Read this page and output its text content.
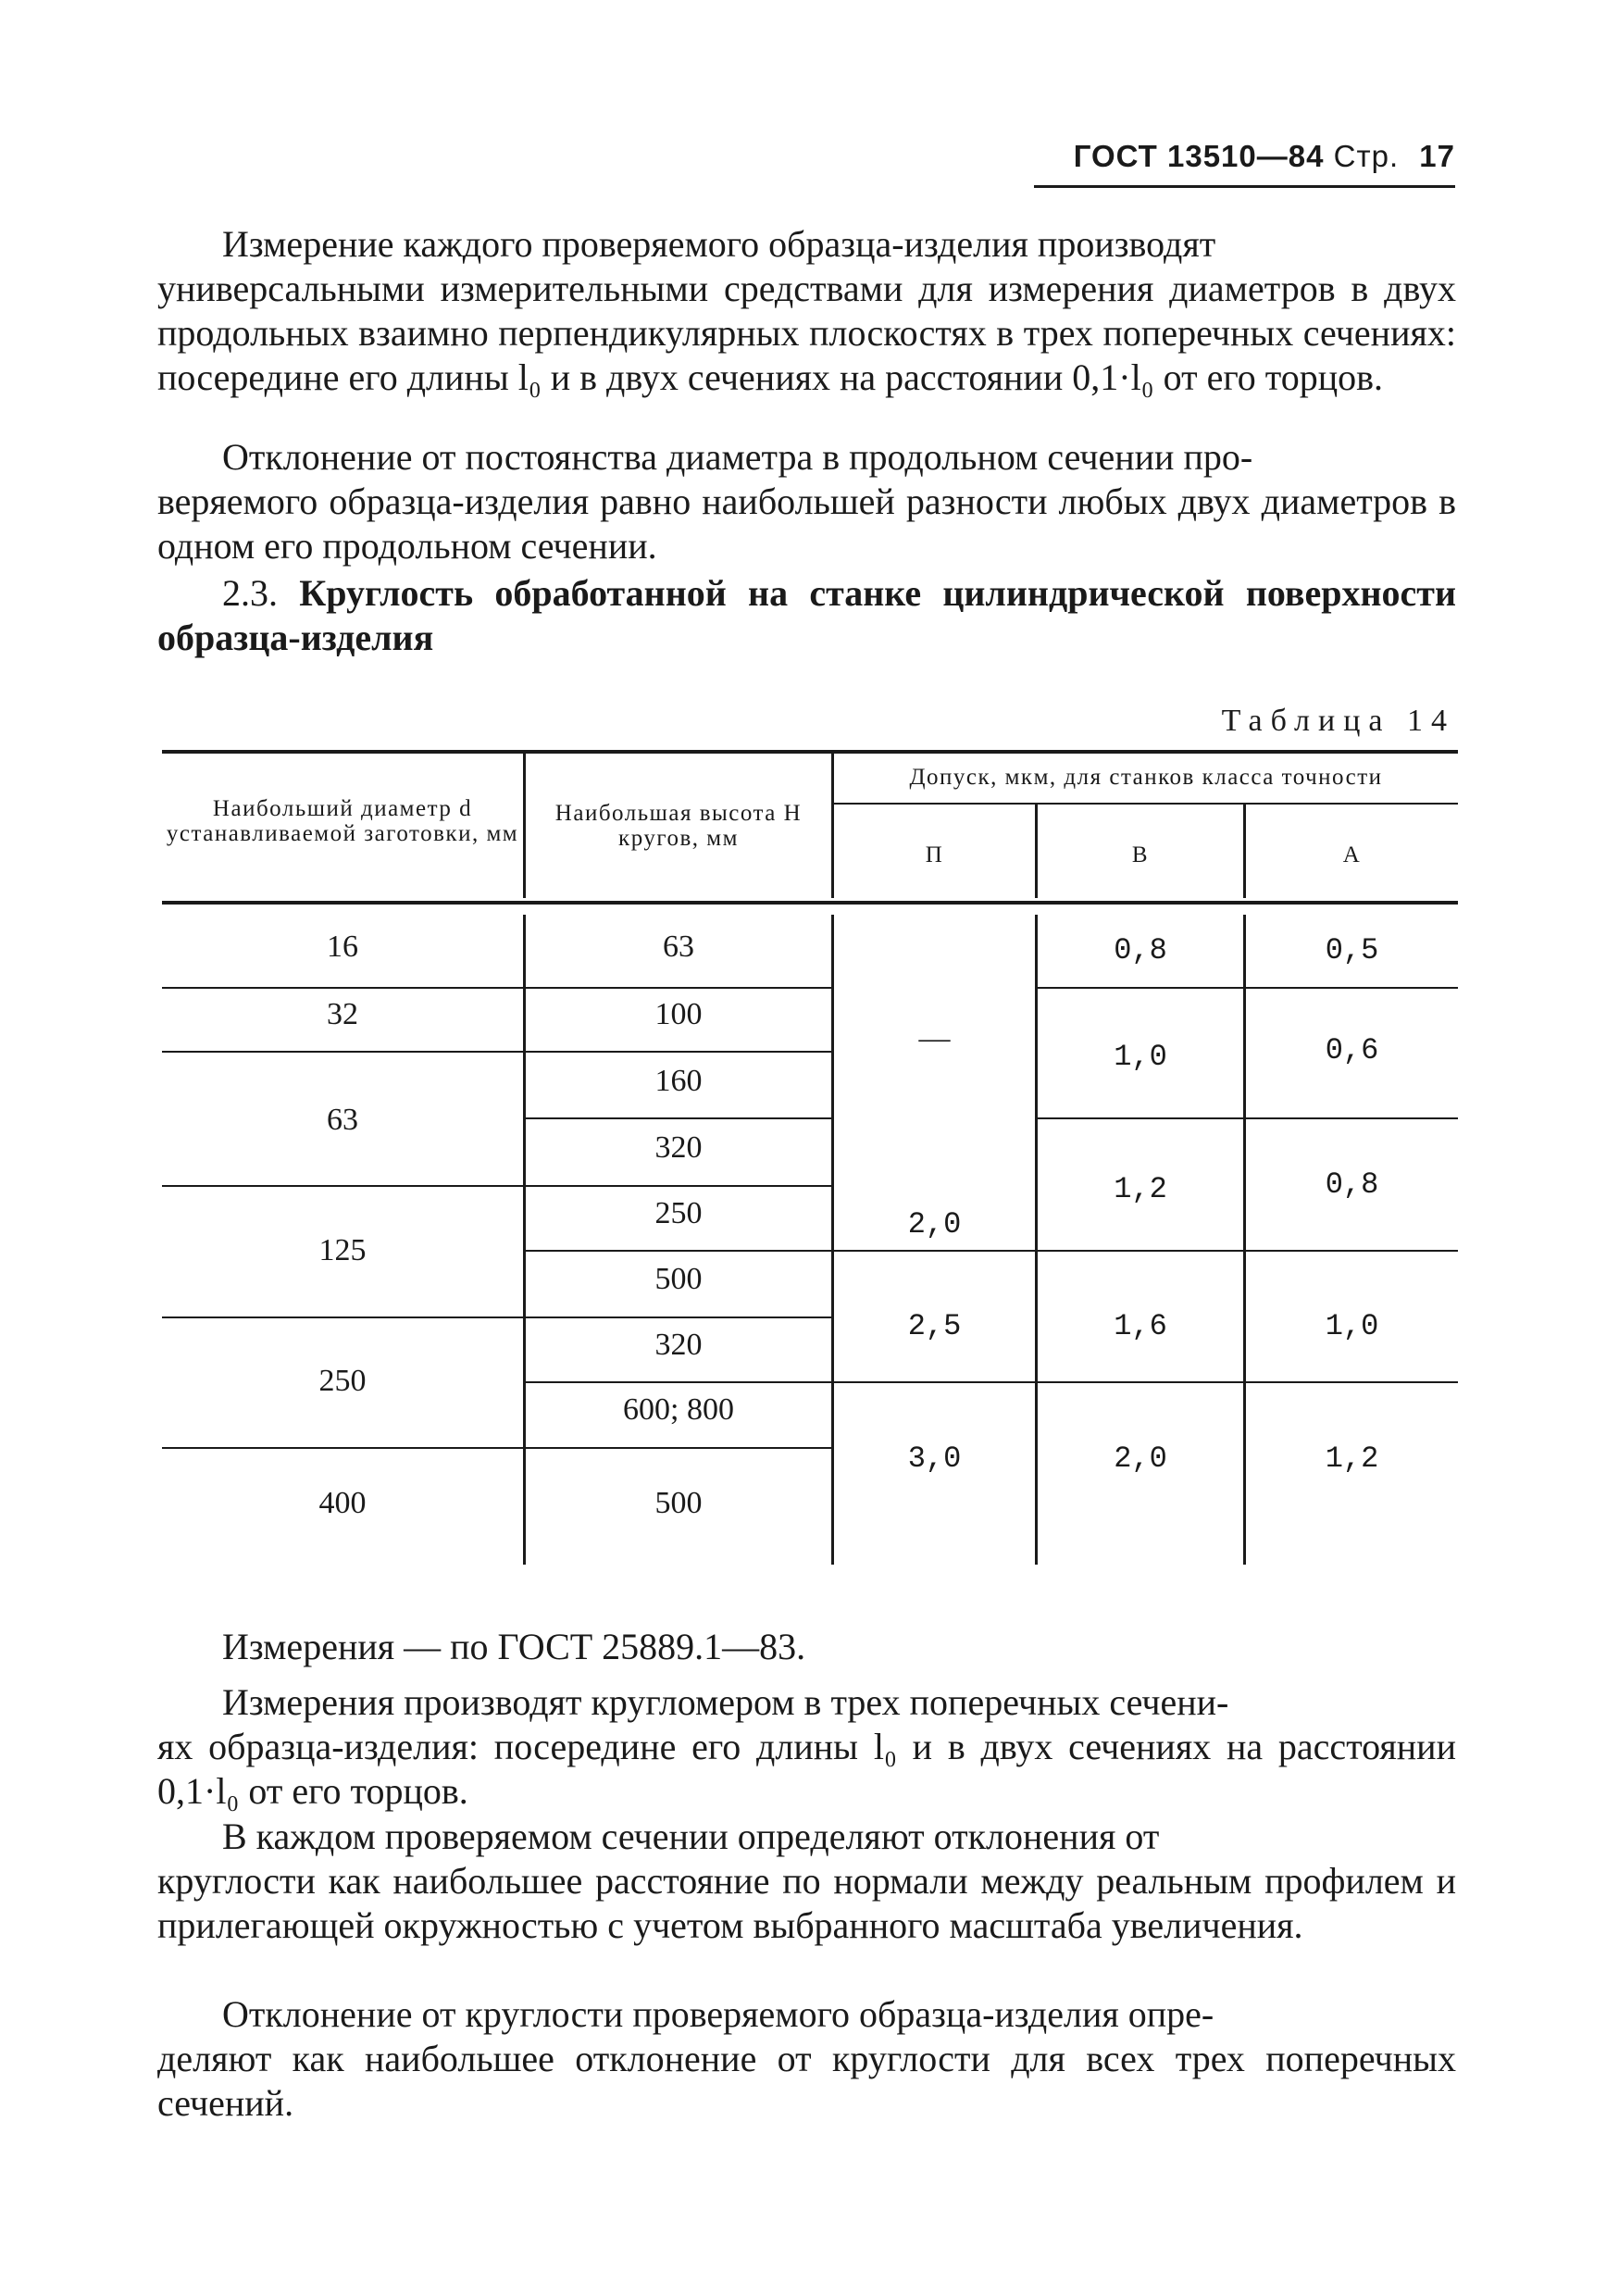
ГОСТ 13510—84 Стр. 17

Измерение каждого проверяемого образца-изделия производят
универсальными измерительными средствами для измерения диаметров в двух продольных взаимно перпендикулярных плоскостях в трех поперечных сечениях: посередине его длины l₀ и в двух сечениях на расстоянии 0,1·l₀ от его торцов.

Отклонение от постоянства диаметра в продольном сечении про-
веряемого образца-изделия равно наибольшей разности любых двух диаметров в одном его продольном сечении.

2.3. Круглость обработанной на станке цилиндрической поверхности образца-изделия

Таблица 14
Наибольший диаметр d устанавливаемой заготовки, мм
Наибольшая высота H кругов, мм
Допуск, мкм, для станков класса точности
П	В	А
16
32
63
125
250
400
63
100
160
320
250
500
320
600; 800
500
—
2,0
2,5
3,0
0,8
1,0
1,2
1,6
2,0
0,5
0,6
0,8
1,0
1,2

Измерения — по ГОСТ 25889.1—83.

Измерения производят кругломером в трех поперечных сечени-
ях образца-изделия: посередине его длины l₀ и в двух сечениях на расстоянии 0,1·l₀ от его торцов.

В каждом проверяемом сечении определяют отклонения от
круглости как наибольшее расстояние по нормали между реальным профилем и прилегающей окружностью с учетом выбранного масштаба увеличения.

Отклонение от круглости проверяемого образца-изделия опре-
деляют как наибольшее отклонение от круглости для всех трех поперечных сечений.
